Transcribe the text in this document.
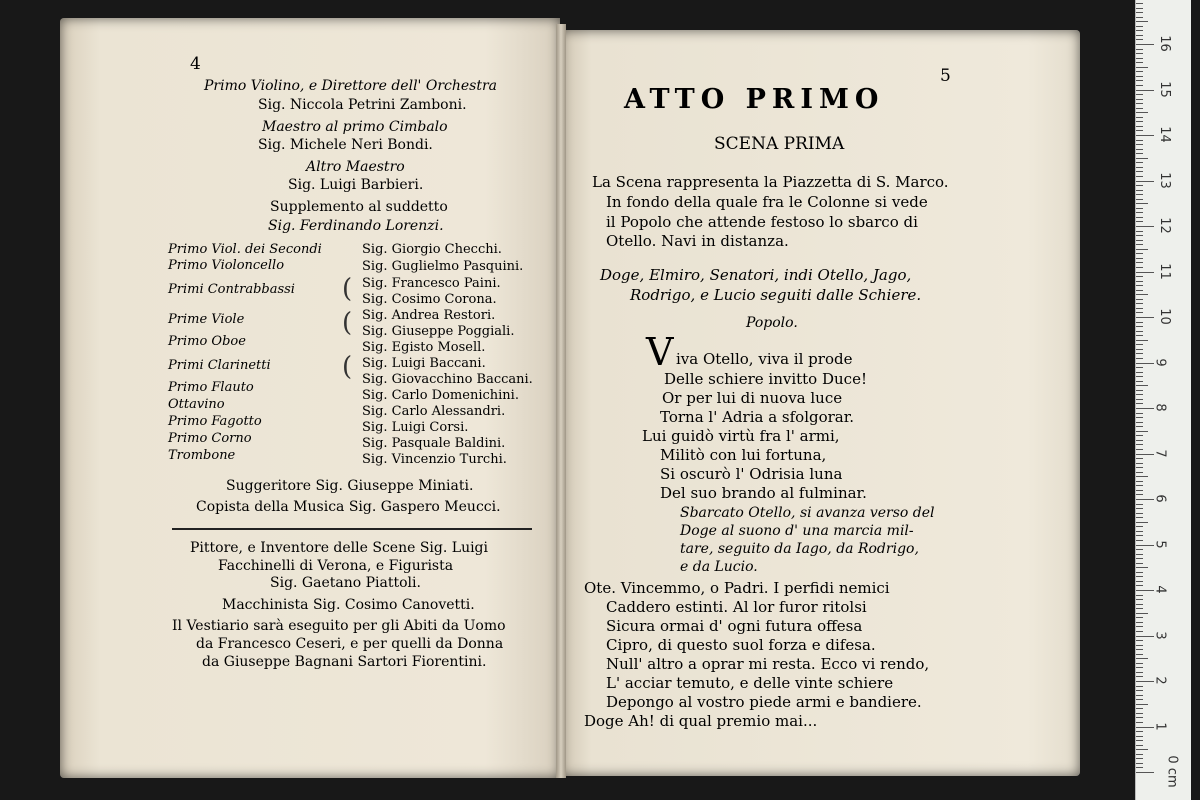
4
Primo Violino, e Direttore dell' Orchestra
Sig. Niccola Petrini Zamboni.
Maestro al primo Cimbalo
Sig. Michele Neri Bondi.
Altro Maestro
Sig. Luigi Barbieri.
Supplemento al suddetto
Sig. Ferdinando Lorenzi.
Primo Viol. dei Secondi
Primo Violoncello
Primi Contrabbassi
Prime Viole
Primo Oboe
Primi Clarinetti
Primo Flauto
Ottavino
Primo Fagotto
Primo Corno
Trombone
(
(
(
Sig. Giorgio Checchi.
Sig. Guglielmo Pasquini.
Sig. Francesco Paini.
Sig. Cosimo Corona.
Sig. Andrea Restori.
Sig. Giuseppe Poggiali.
Sig. Egisto Mosell.
Sig. Luigi Baccani.
Sig. Giovacchino Baccani.
Sig. Carlo Domenichini.
Sig. Carlo Alessandri.
Sig. Luigi Corsi.
Sig. Pasquale Baldini.
Sig. Vincenzio Turchi.
Suggeritore Sig. Giuseppe Miniati.
Copista della Musica Sig. Gaspero Meucci.
Pittore, e Inventore delle Scene Sig. Luigi
Facchinelli di Verona, e Figurista
Sig. Gaetano Piattoli.
Macchinista Sig. Cosimo Canovetti.
Il Vestiario sarà eseguito per gli Abiti da Uomo
da Francesco Ceseri, e per quelli da Donna
da Giuseppe Bagnani Sartori Fiorentini.
5
ATTO PRIMO
SCENA PRIMA
La Scena rappresenta la Piazzetta di S. Marco.
In fondo della quale fra le Colonne si vede
il Popolo che attende festoso lo sbarco di
Otello. Navi in distanza.
Doge, Elmiro, Senatori, indi Otello, Jago,
Rodrigo, e Lucio seguiti dalle Schiere.
Popolo.
V iva Otello, viva il prode
Delle schiere invitto Duce!
Or per lui di nuova luce
Torna l' Adria a sfolgorar.
Lui guidò virtù fra l' armi,
Militò con lui fortuna,
Si oscurò l' Odrisia luna
Del suo brando al fulminar.
Sbarcato Otello, si avanza verso del
Doge al suono d' una marcia mil-
tare, seguito da Iago, da Rodrigo,
e da Lucio.
Ote. Vincemmo, o Padri. I perfidi nemici
Caddero estinti. Al lor furor ritolsi
Sicura ormai d' ogni futura offesa
Cipro, di questo suol forza e difesa.
Null' altro a oprar mi resta. Ecco vi rendo,
L' acciar temuto, e delle vinte schiere
Depongo al vostro piede armi e bandiere.
Doge Ah! di qual premio mai...
0 cm
1
2
3
4
5
6
7
8
9
10
11
12
13
14
15
16
